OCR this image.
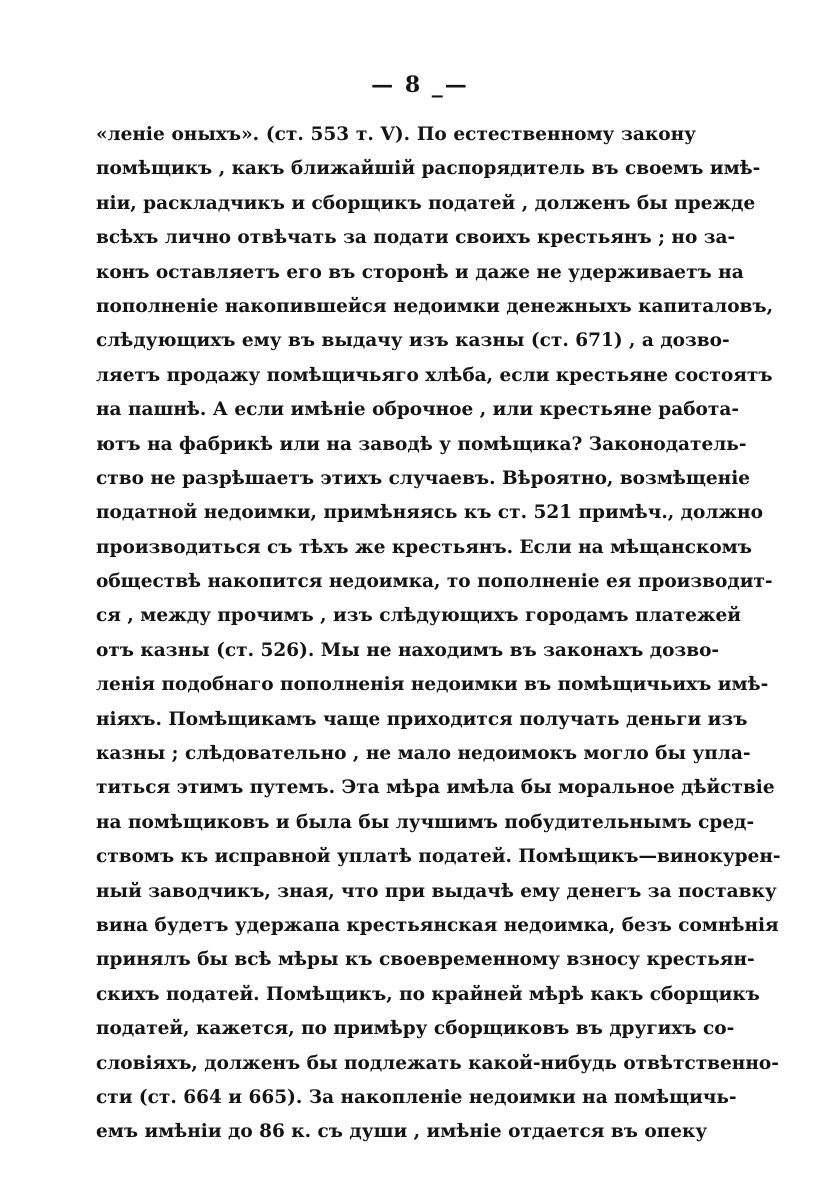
— 8 _—
«леніе оныхъ». (ст. 553 т. V). По естественному закону
помѣщикъ , какъ ближайшій распорядитель въ своемъ имѣ-
ніи, раскладчикъ и сборщикъ податей , долженъ бы прежде
всѣхъ лично отвѣчать за подати своихъ крестьянъ ; но за-
конъ оставляетъ его въ сторонѣ и даже не удерживаетъ на
пополненіе накопившейся недоимки денежныхъ капиталовъ,
слѣдующихъ ему въ выдачу изъ казны (ст. 671) , а дозво-
ляетъ продажу помѣщичьяго хлѣба, если крестьяне состоятъ
на пашнѣ. А если имѣніе оброчное , или крестьяне работа-
ютъ на фабрикѣ или на заводѣ у помѣщика? Законодатель-
ство не разрѣшаетъ этихъ случаевъ. Вѣроятно, возмѣщеніе
податной недоимки, примѣняясь къ ст. 521 примѣч., должно
производиться съ тѣхъ же крестьянъ. Если на мѣщанскомъ
обществѣ накопится недоимка, то пополненіе ея производит-
ся , между прочимъ , изъ слѣдующихъ городамъ платежей
отъ казны (ст. 526). Мы не находимъ въ законахъ дозво-
ленія подобнаго пополненія недоимки въ помѣщичьихъ имѣ-
ніяхъ. Помѣщикамъ чаще приходится получать деньги изъ
казны ; слѣдовательно , не мало недоимокъ могло бы упла-
титься этимъ путемъ. Эта мѣра имѣла бы моральное дѣйствіе
на помѣщиковъ и была бы лучшимъ побудительнымъ сред-
ствомъ къ исправной уплатѣ податей. Помѣщикъ—винокурен-
ный заводчикъ, зная, что при выдачѣ ему денегъ за поставку
вина будетъ удержапа крестьянская недоимка, безъ сомнѣнія
принялъ бы всѣ мѣры къ своевременному взносу крестьян-
скихъ податей. Помѣщикъ, по крайней мѣрѣ какъ сборщикъ
податей, кажется, по примѣру сборщиковъ въ другихъ со-
словіяхъ, долженъ бы подлежать какой-нибудь отвѣтственно-
сти (ст. 664 и 665). За накопленіе недоимки на помѣщичь-
емъ имѣніи до 86 к. съ души , имѣніе отдается въ опеку
